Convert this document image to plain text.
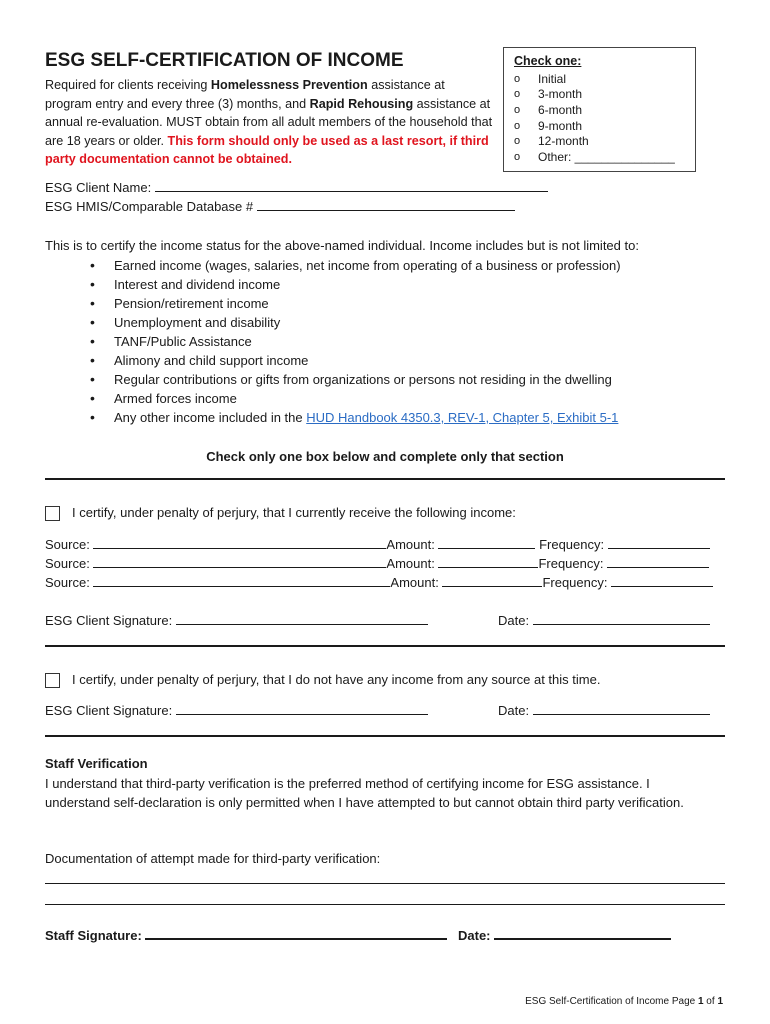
ESG SELF-CERTIFICATION OF INCOME
Required for clients receiving Homelessness Prevention assistance at program entry and every three (3) months, and Rapid Rehousing assistance at annual re-evaluation. MUST obtain from all adult members of the household that are 18 years or older. This form should only be used as a last resort, if third party documentation cannot be obtained.
Check one:
o	Initial
o	3-month
o	6-month
o	9-month
o	12-month
o	Other: _______________
ESG Client Name:
ESG HMIS/Comparable Database #
This is to certify the income status for the above-named individual. Income includes but is not limited to:
• Earned income (wages, salaries, net income from operating of a business or profession)
• Interest and dividend income
• Pension/retirement income
• Unemployment and disability
• TANF/Public Assistance
• Alimony and child support income
• Regular contributions or gifts from organizations or persons not residing in the dwelling
• Armed forces income
• Any other income included in the HUD Handbook 4350.3, REV-1, Chapter 5, Exhibit 5-1
Check only one box below and complete only that section
I certify, under penalty of perjury, that I currently receive the following income:
Source:	Amount:	Frequency:
Source:	Amount:	Frequency:
Source:	Amount:	Frequency:
ESG Client Signature:	Date:
I certify, under penalty of perjury, that I do not have any income from any source at this time.
ESG Client Signature:	Date:
Staff Verification
I understand that third-party verification is the preferred method of certifying income for ESG assistance. I understand self-declaration is only permitted when I have attempted to but cannot obtain third party verification.
Documentation of attempt made for third-party verification:
Staff Signature:	Date:
ESG Self-Certification of Income Page 1 of 1
